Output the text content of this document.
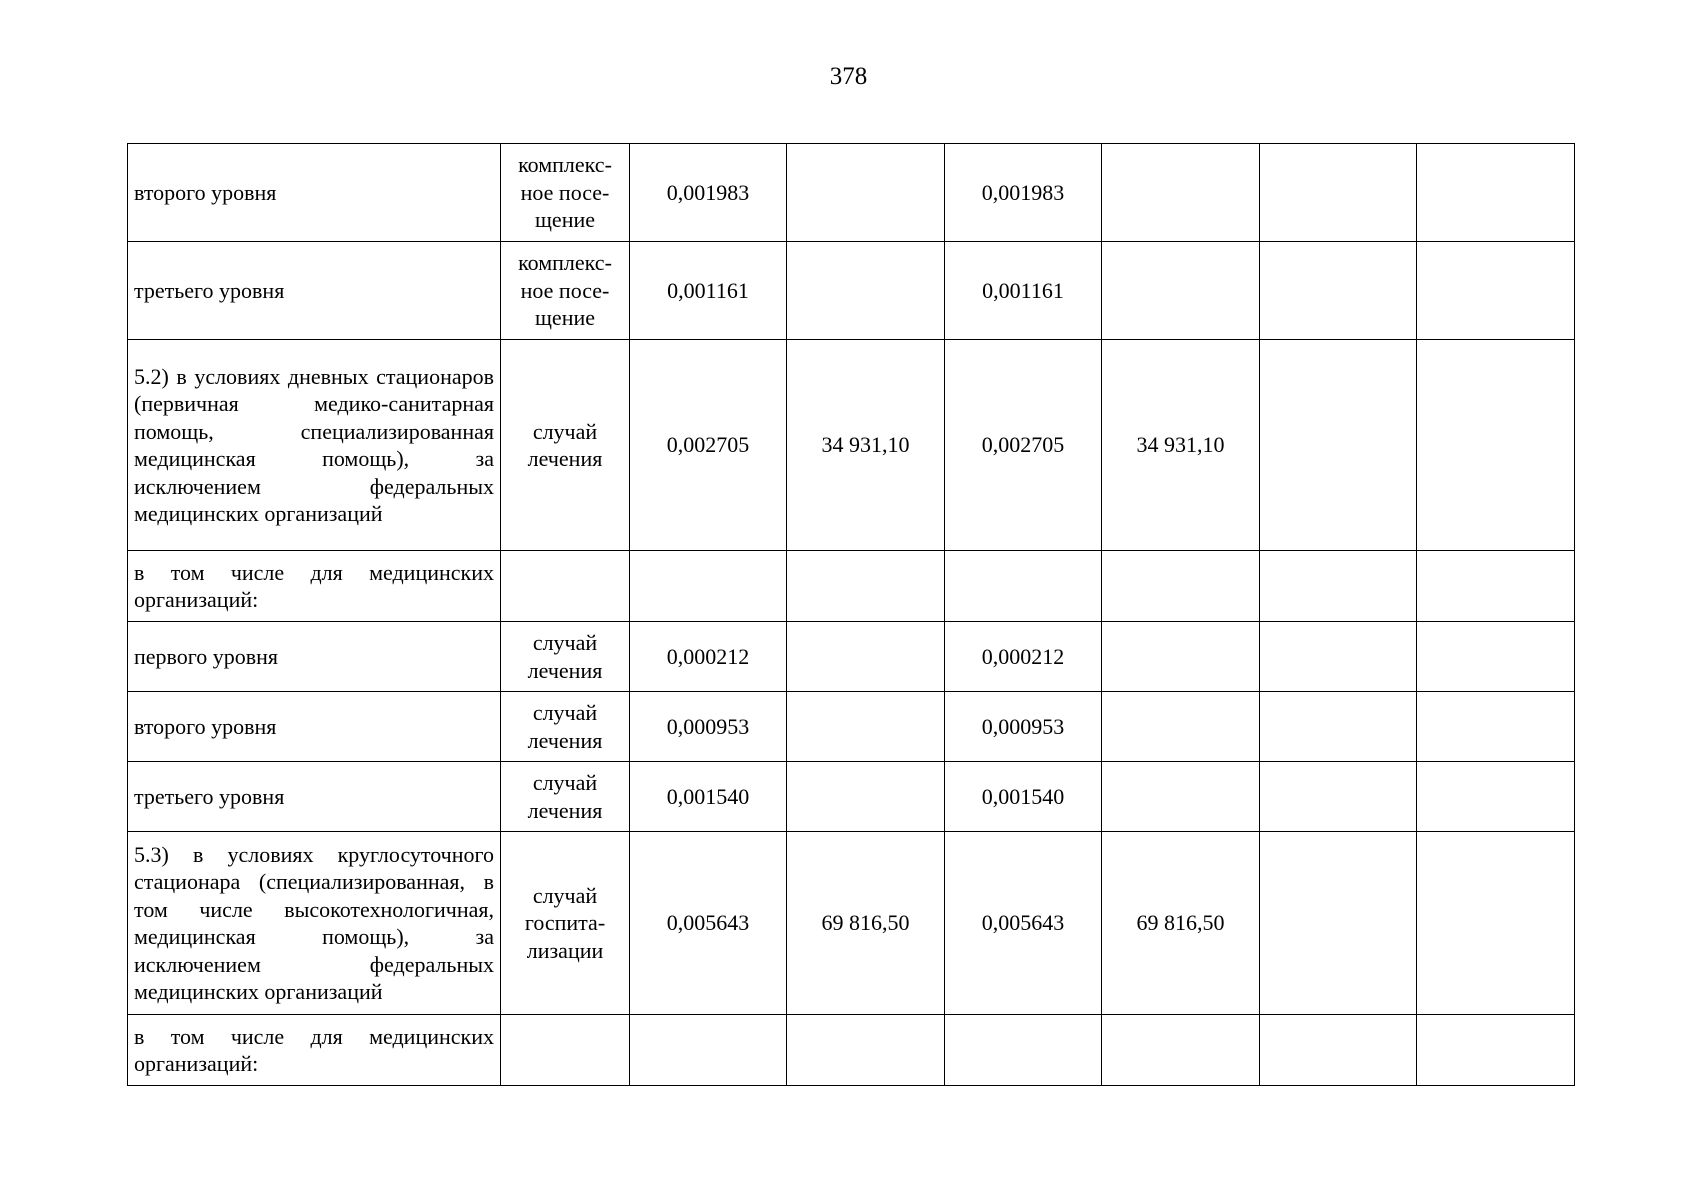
378
второго уровня	комплекс-ное посе-щение	0,001983		0,001983			
третьего уровня	комплекс-ное посе-щение	0,001161		0,001161			
5.2) в условиях дневных стационаров (первичная медико-санитарная помощь, специализированная медицинская помощь), за исключением федеральных медицинских организаций	случай лечения	0,002705	34 931,10	0,002705	34 931,10		
в том числе для медицинских организаций:							
первого уровня	случай лечения	0,000212		0,000212			
второго уровня	случай лечения	0,000953		0,000953			
третьего уровня	случай лечения	0,001540		0,001540			
5.3) в условиях круглосуточного стационара (специализированная, в том числе высокотехнологичная, медицинская помощь), за исключением федеральных медицинских организаций	случай госпита-лизации	0,005643	69 816,50	0,005643	69 816,50		
в том числе для медицинских организаций:							
